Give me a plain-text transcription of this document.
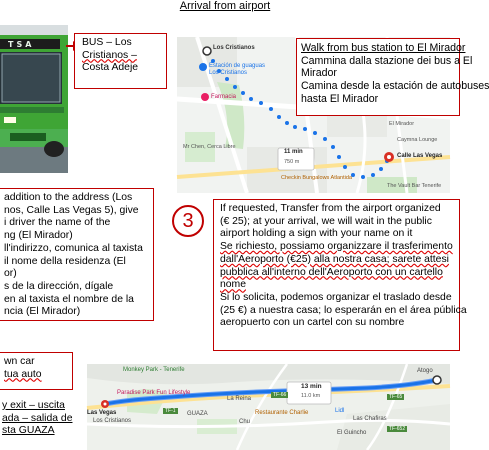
Arrival from airport
TSA	BUS – Los
Cristianos –
Costa Adeje
Los Cristianos
Estación de guaguas
Los Cristianos
Farmacia
Mr Chen, Cerca Libre
11 min
750 m
Calle Las Vegas
El Mirador
Caymna Lounge
Checkin Bungalows Atlantida
The Vault Bar Tenerife
Walk from bus station to El Mirador
Cammina dalla stazione dei bus a El
Mirador
Camina desde la estación de autobuses
hasta El Mirador
addition to the address (Los
nos, Calle Las Vegas 5), give
i driver the name of the
ng (El Mirador)
ll'indirizzo, comunica al taxista
il nome della residenza (El
or)
s de la dirección, dígale
en al taxista el nombre de la
ncia (El Mirador)
3
If requested, Transfer from the airport organized
(€ 25); at your arrival, we will wait in the public
airport holding a sign with your name on it
Se richiesto, possiamo organizzare il trasferimento
dall'Aeroporto (€25) alla nostra casa; sarete attesi
pubblica all'interno dell'Aeroporto con un cartello
nome
Si lo solicita, podemos organizar el traslado desde
(25 €) a nuestra casa; lo esperarán en el área pública
aeropuerto con un cartel con su nombre
wn car
tua auto
y exit – uscita
ada – salida de
sta GUAZA
Monkey Park - Tenerife
Paradise Park Fun Lifestyle
Las Vegas
Los Cristianos
GUAZA
Chu
La Reina
Restaurante Charlie	Lidl
Las Chafiras
El Guincho
Atogo
13 min
11.0 km
TF-1
TF-66	TF-65
TF-652
